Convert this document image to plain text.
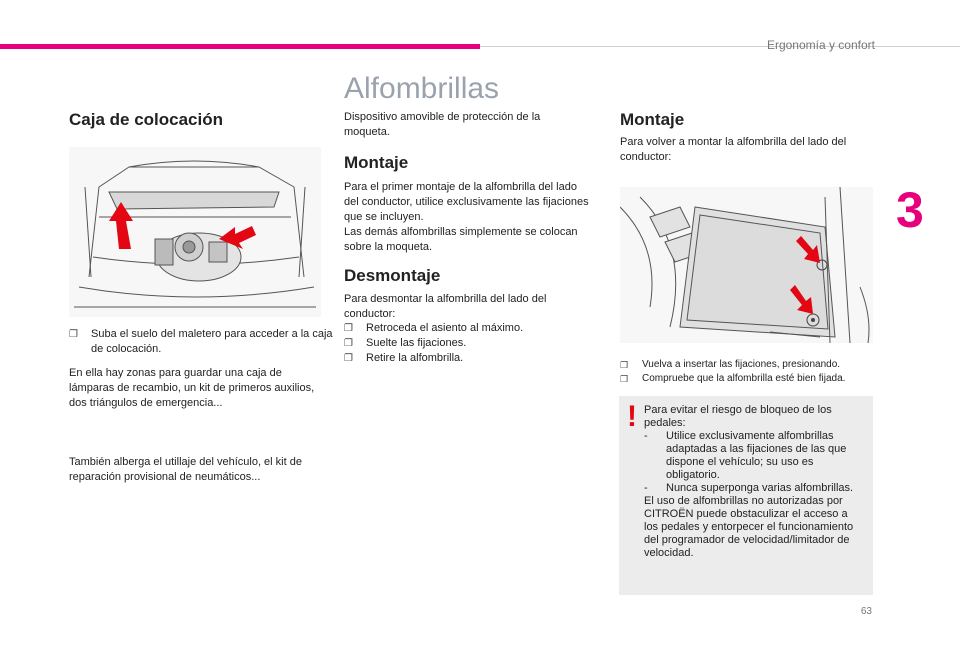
Ergonomía y confort
3
Alfombrillas
Caja de colocación
❐ Suba el suelo del maletero para acceder a la caja de colocación.

En ella hay zonas para guardar una caja de lámparas de recambio, un kit de primeros auxilios, dos triángulos de emergencia...

También alberga el utillaje del vehículo, el kit de reparación provisional de neumáticos...

Dispositivo amovible de protección de la moqueta.

Montaje

Para el primer montaje de la alfombrilla del lado del conductor, utilice exclusivamente las fijaciones que se incluyen.

Las demás alfombrillas simplemente se colocan sobre la moqueta.

Desmontaje

Para desmontar la alfombrilla del lado del conductor:

❐ Retroceda el asiento al máximo.
❐ Suelte las fijaciones.
❐ Retire la alfombrilla.
Montaje

Para volver a montar la alfombrilla del lado del conductor:

❐ Vuelva a insertar las fijaciones, presionando.
❐ Compruebe que la alfombrilla esté bien fijada.
! Para evitar el riesgo de bloqueo de los pedales:
- Utilice exclusivamente alfombrillas adaptadas a las fijaciones de las que dispone el vehículo; su uso es obligatorio.
- Nunca superponga varias alfombrillas.
El uso de alfombrillas no autorizadas por CITROËN puede obstaculizar el acceso a los pedales y entorpecer el funcionamiento del programador de velocidad/limitador de velocidad.
63
